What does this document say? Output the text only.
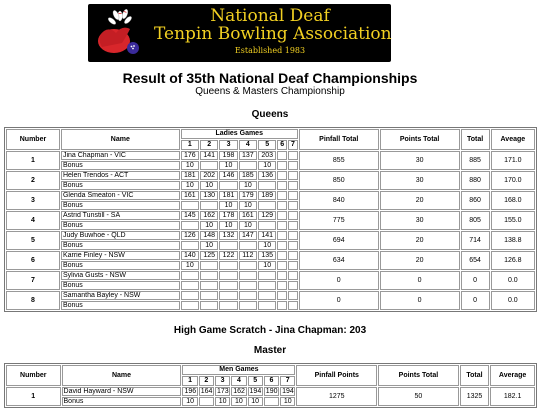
National Deaf
Tenpin Bowling Association
Established 1983
Result of 35th National Deaf Championships
Queens & Masters Championship
Queens
Number	Name	Ladies Games							Pinfall Total	Points Total	Total	Aveage
		1	2	3	4	5	6	7				
1	Jina Chapman - VIC	176	141	198	137	203			855	30	885	171.0
	Bonus	10		10		10						
2	Helen Trendos - ACT	181	202	146	185	136			850	30	880	170.0
	Bonus	10	10		10							
3	Glenda Smeaton - VIC	161	130	181	179	189			840	20	860	168.0
	Bonus			10	10							
4	Astrid Tunstill - SA	145	162	178	161	129			775	30	805	155.0
	Bonus		10	10	10							
5	Judy Buwhoe - QLD	126	148	132	147	141			694	20	714	138.8
	Bonus		10			10						
6	Karrie Finley - NSW	140	125	122	112	135			634	20	654	126.8
	Bonus	10				10						
7	Sylivia Gusts - NSW								0	0	0	0.0
	Bonus											
8	Samantha Bayley - NSW								0	0	0	0.0
	Bonus											
High Game Scratch - Jina Chapman: 203
Master
Number	Name	Men Games							Pinfall Points	Points Total	Total	Average
		1	2	3	4	5	6	7				
1	David Hayward - NSW	196	164	173	162	194	190	194	1275	50	1325	182.1
	Bonus	10		10	10	10		10				
